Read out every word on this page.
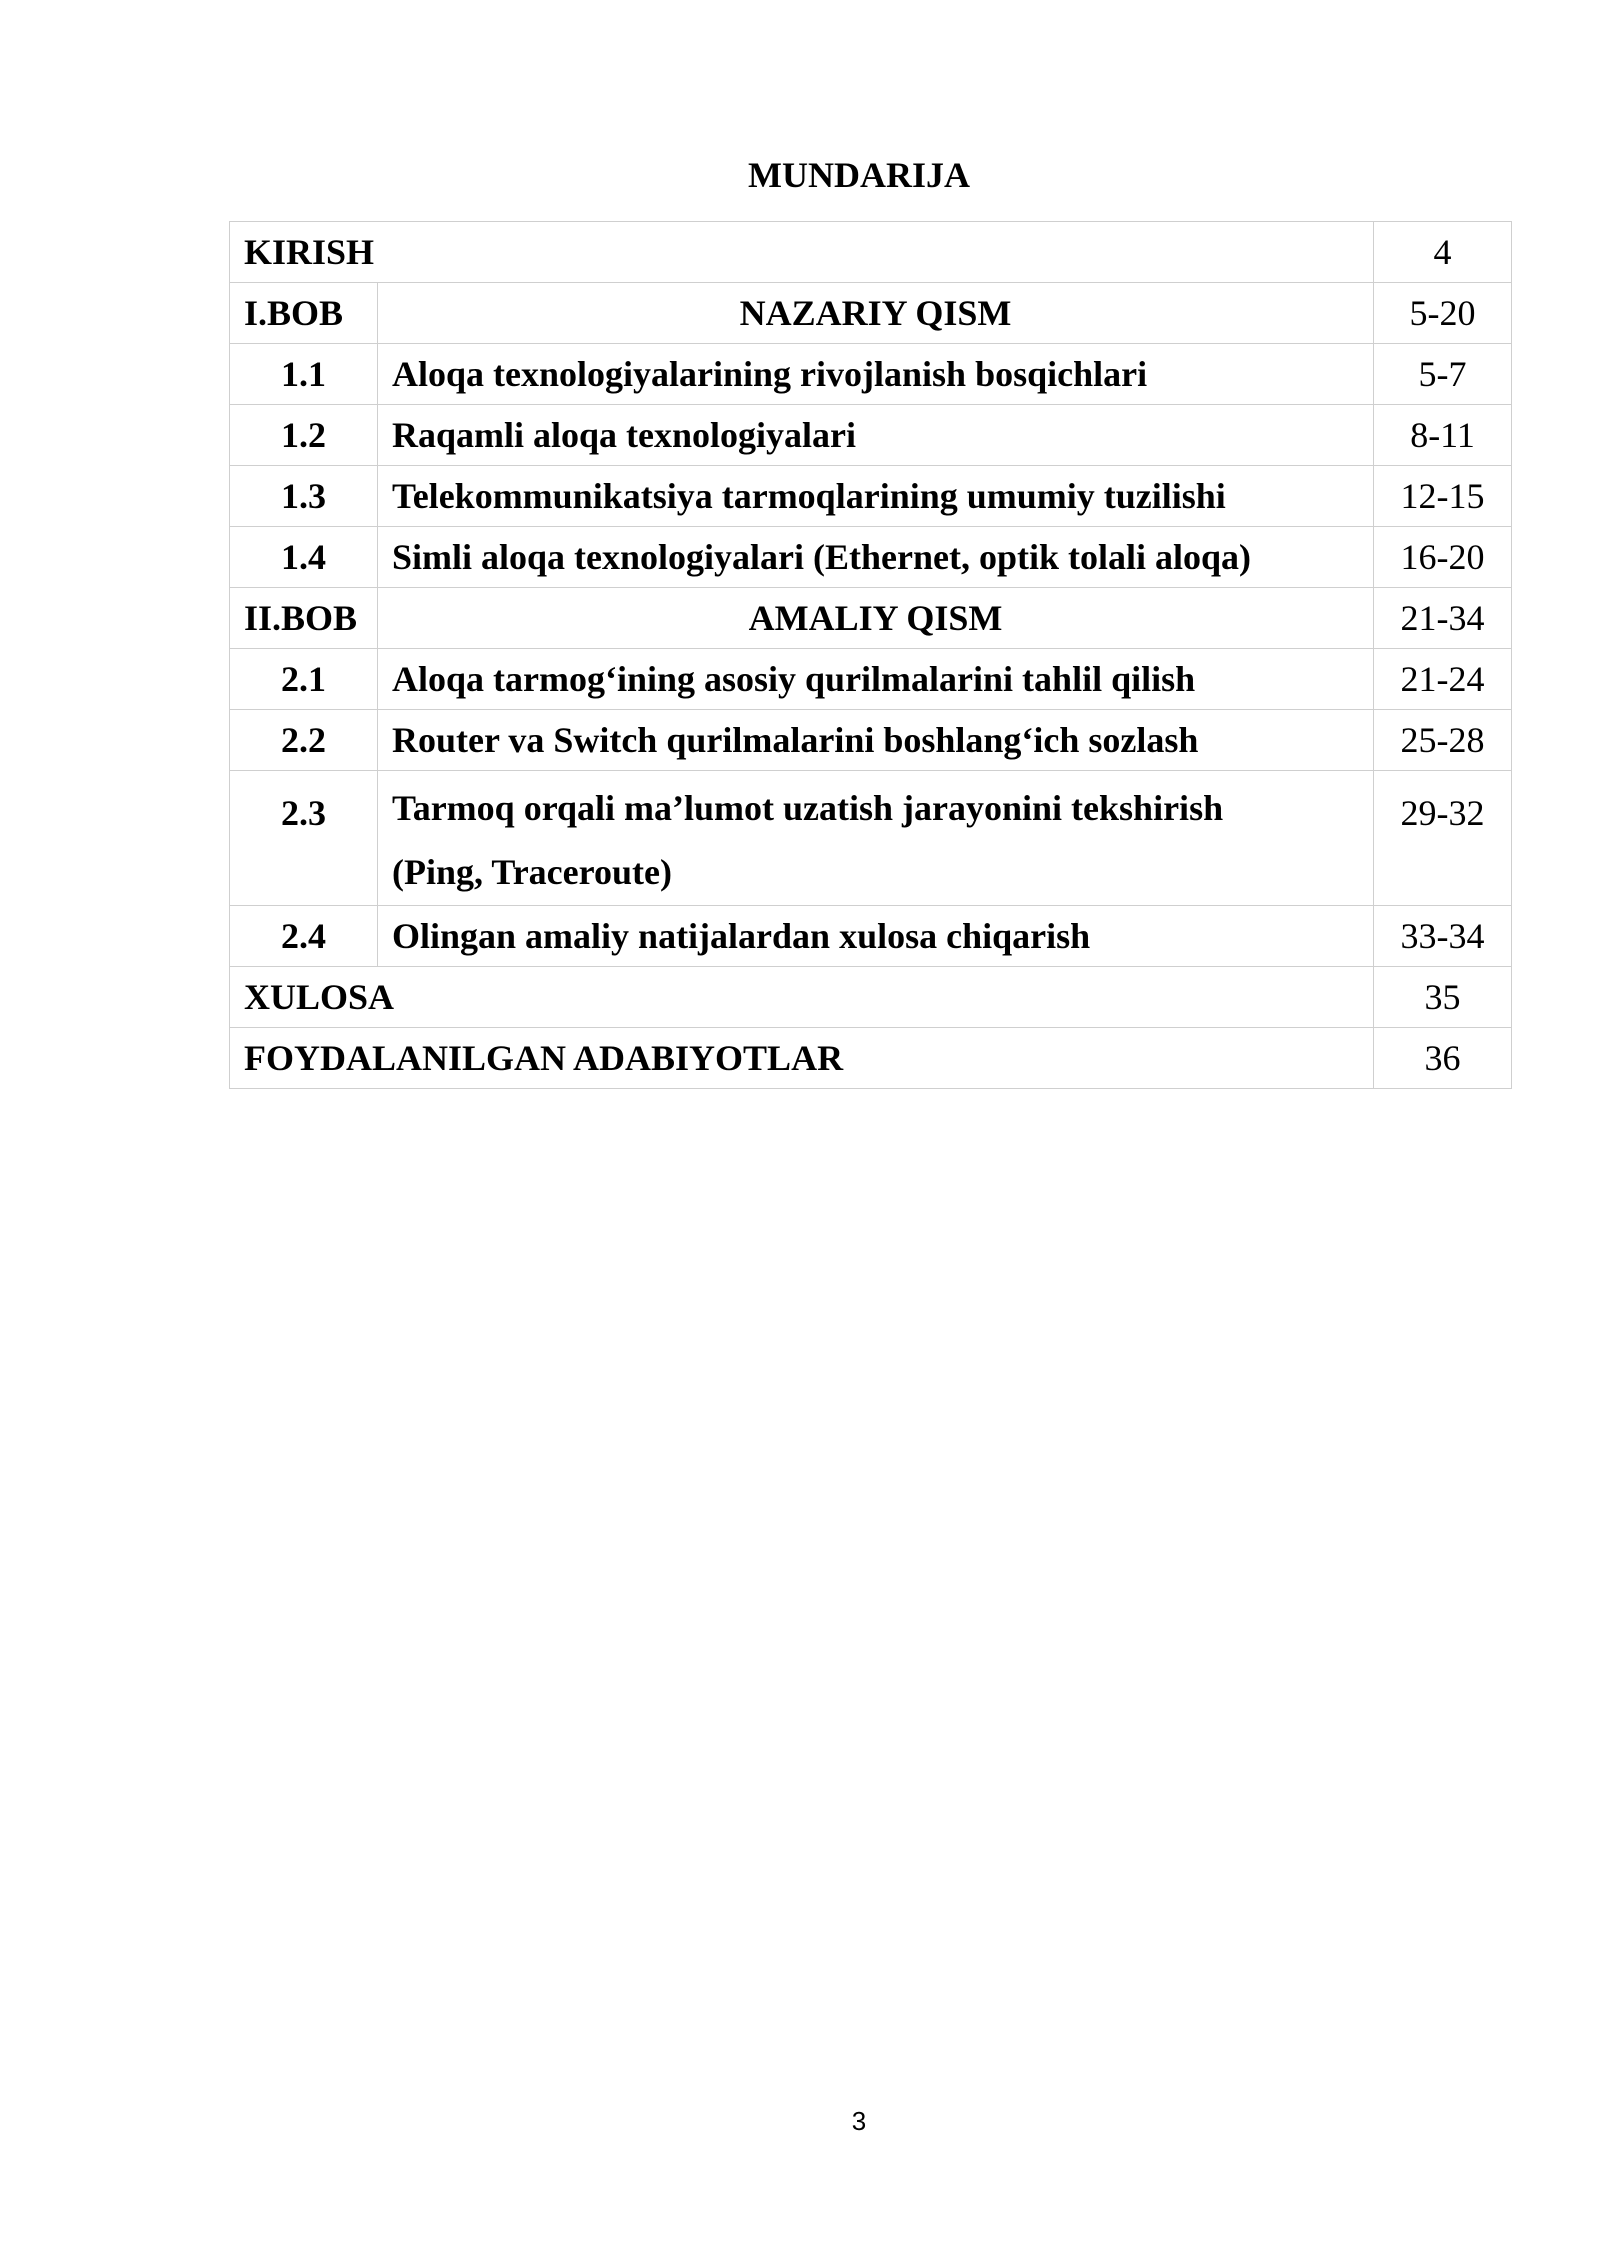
MUNDARIJA
KIRISH		4
I.BOB	NAZARIY QISM	5-20
1.1	Aloqa texnologiyalarining rivojlanish bosqichlari	5-7
1.2	Raqamli aloqa texnologiyalari	8-11
1.3	Telekommunikatsiya tarmoqlarining umumiy tuzilishi	12-15
1.4	Simli aloqa texnologiyalari (Ethernet, optik tolali aloqa)	16-20
II.BOB	AMALIY QISM	21-34
2.1	Aloqa tarmog‘ining asosiy qurilmalarini tahlil qilish	21-24
2.2	Router va Switch qurilmalarini boshlang‘ich sozlash	25-28
2.3	Tarmoq orqali ma’lumot uzatish jarayonini tekshirish
(Ping, Traceroute)	29-32
2.4	Olingan amaliy natijalardan xulosa chiqarish	33-34
XULOSA		35
FOYDALANILGAN ADABIYOTLAR		36
3
